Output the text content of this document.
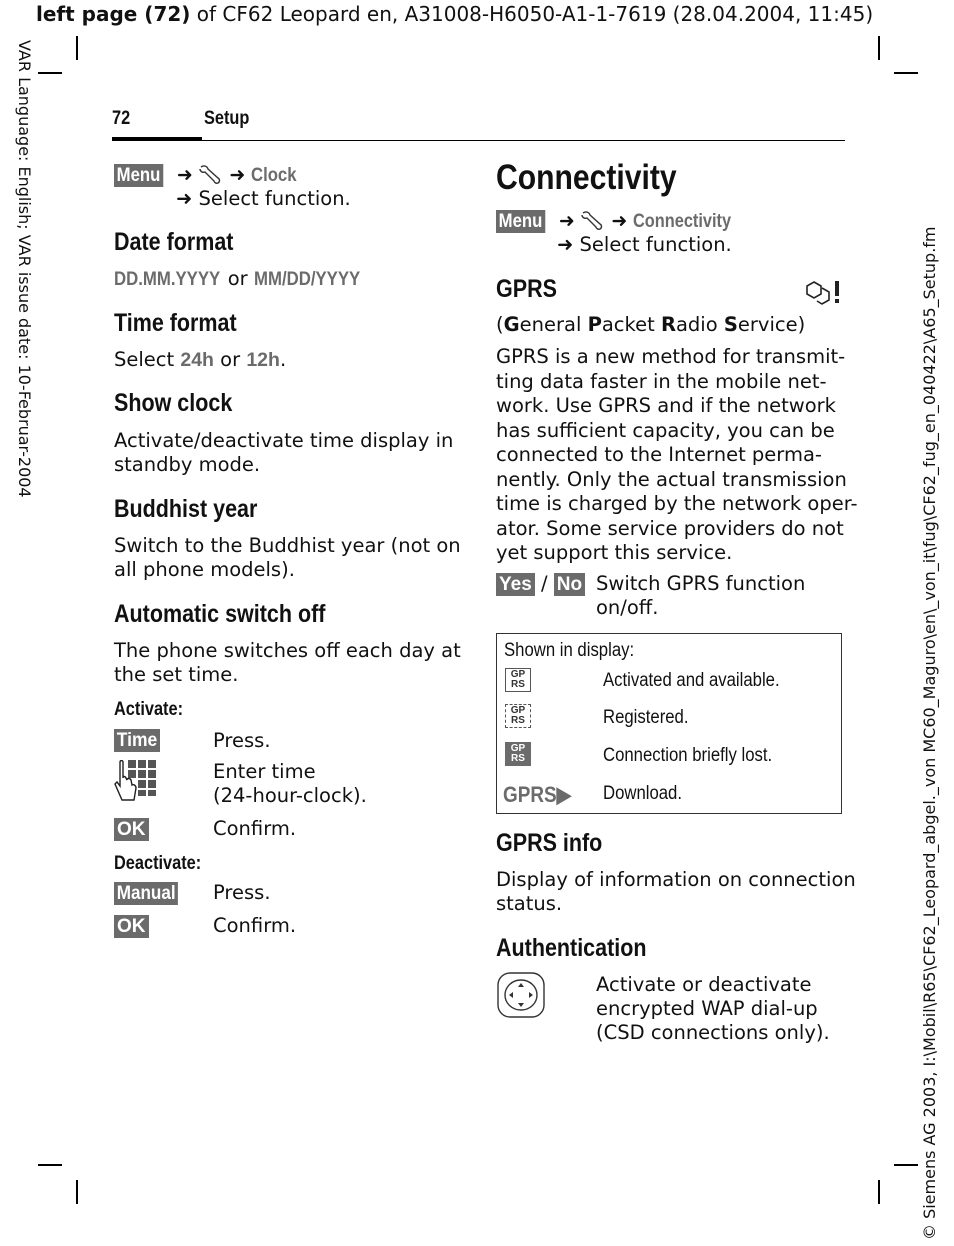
left page (72) of CF62 Leopard en, A31008-H6050-A1-1-7619 (28.04.2004, 11:45)
VAR Language: English; VAR issue date: 10-Februar-2004	© Siemens AG 2003, I:\Mobil\R65\CF62_Leopard_abgel._von MC60_Maguro\en\_von_it\fug\CF62_fug_en_040422\A65_Setup.fm
72	Setup
Menu ➜ ➜ Clock
➜ Select function.
Date format
DD.MM.YYYY or MM/DD/YYYY
Time format
Select 24h or 12h.
Show clock
Activate/deactivate time display in
standby mode.
Buddhist year
Switch to the Buddhist year (not on
all phone models).
Automatic switch off
The phone switches off each day at
the set time.
Activate:
Time	Press.
Enter time
(24-hour-clock).
OK	Confirm.
Deactivate:
Manual	Press.
OK	Confirm.
Connectivity
Menu ➜ ➜ Connectivity
➜ Select function.
GPRS
(General Packet Radio Service)
GPRS is a new method for transmit-
ting data faster in the mobile net-
work. Use GPRS and if the network
has sufficient capacity, you can be
connected to the Internet perma-
nently. Only the actual transmission
time is charged by the network oper-
ator. Some service providers do not
yet support this service.
Yes / No Switch GPRS function
on/off.
Shown in display:
GP
RS	Activated and available.
GP
RS	Registered.
GP
RS	Connection briefly lost.
GPRS▶ Download.
GPRS info
Display of information on connection
status.
Authentication
Activate or deactivate
encrypted WAP dial-up
(CSD connections only).
